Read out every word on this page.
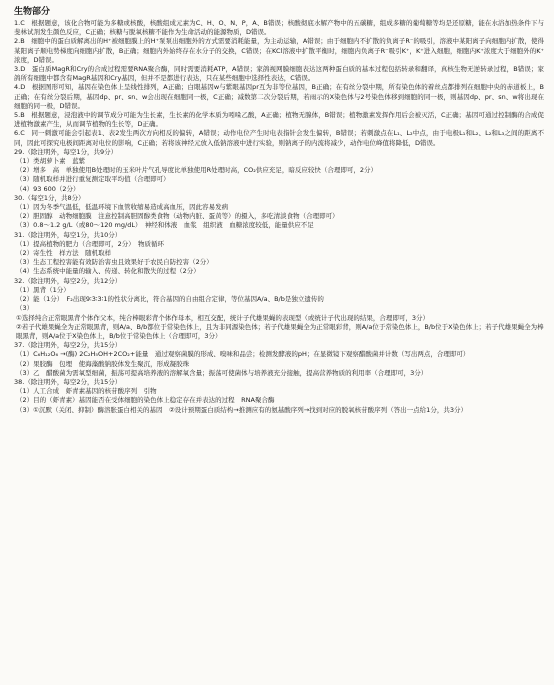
生物部分

1.C　根据题意，该化合物可能为多糖或核酸，核酸组成元素为C、H、O、N、P，A、B错误；核酸彻底水解产物中的五碳糖，组成多糖的葡萄糖等均是还原糖，能在水浴加热条件下与斐林试剂发生颜色反应，C正确；核糖与脱氧核糖不能作为生命活动的能源物质，D错误。

2.B　细胞中的蛋白质解离出的H⁺被细胞膜上的H⁺泵泵出细胞外的方式需要消耗能量，为主动运输，A错误；由于细胞内不扩散的负离子R⁻的吸引，溶液中某阳离子向细胞内扩散，使得某阳离子顺电势梯度向细胞内扩散，B正确；细胞内外始终存在水分子的交换，C错误；在KCl溶液中扩散平衡时，细胞内负离子R⁻吸引K⁺，K⁺进入细胞，细胞内K⁺浓度大于细胞外的K⁺浓度，D错误。

3.D　蛋白质MagR和Cry的合成过程需要RNA聚合酶，同时需要消耗ATP，A错误；家鸽视网膜细胞表达这两种蛋白质的基本过程包括转录和翻译，真核生物无逆转录过程，B错误；家鸽所有细胞中都含有MagR基因和Cry基因，但并不是都进行表达，只在某些细胞中选择性表达，C错误。

4.D　根据图形可知，基因在染色体上呈线性排列，A正确；白眼基因w与紫眼基因pr互为非等位基因，B正确；在有丝分裂中期，所有染色体的着丝点都排列在细胞中央的赤道板上，B正确；在有丝分裂后期，基因dp、pr、sn、w会出现在细胞同一极，C正确；减数第二次分裂后期，若雨示的X染色体与2号染色体移到细胞的同一极，则基因dp、pr、sn、w将出现在细胞的同一极，D错误。

5.B　根据题意，浸泡液中的调节成分可能为生长素，生长素的化学本质为吲哚乙酸，A正确；植物无腺体，B错误；植物激素发挥作用后会被灭活，C正确；基因可通过控制酶的合成促进植物激素产生，从而调节植物的生长等，D正确。

6.C　同一刺激可能会引起表1、表2发生两次方向相反的偏转，A错误；动作电位产生时电表指针会发生偏转，B错误；若刺激点在L₁、L₂中点，由于电极L₁和L₂、L₂和L₃之间的距离不同，因此可探究电极间距离对电位的影响，C正确；若将该神经元放入低钠溶液中进行实验，则钠离子的内流将减少，动作电位峰值将降低，D错误。

29.（除注明外，每空1分，共9分）

（1）类胡萝卜素　蓝紫

（2）增多　高　单独使用B处理时的玉米叶片气孔导度比单独使用R处理时高，CO₂供应充足，暗反应较快（合理即可，2分）

（3）随机取样并进行重复测定取平均值（合理即可）

（4）93 600（2分）

30.（每空1分，共8分）

（1）因为冬季气温低，低温环境下血管收缩易造成高血压，因此容易发病

（2）胆固醇　动物细胞膜　注意控制高胆固醇类食物（动物内脏、蛋黄等）的摄入，多吃清淡食物（合理即可）

（3）0.8～1.2 g/L（或80～120 mg/dL）　神经和体液　血浆　组织液　血糖浓度较低，能量供应不足

31.（除注明外，每空1分，共10分）

（1）提高植物的肥力（合理即可，2分）　物质循环

（2）寄生性　样方法　随机取样

（3）生态工程控害能有效防治害虫且效果好于农民自防控害（2分）

（4）生态系统中能量的输入、传递、转化和散失的过程（2分）

32.（除注明外，每空2分，共12分）

（1）黑背（1分）

（2）能（1分）　F₂出现9∶3∶3∶1的性状分离比，符合基因的自由组合定律，等位基因A/a、B/b是独立遗传的

（3）

①选择纯合正常眼黑背个体作父本，纯合棒眼彩背个体作母本，相互交配，统计子代雄果蝇的表现型（或统计子代出现的结果，合理即可，3分）

②若子代雄果蝇全为正常眼黑背，则A/a、B/b都位于常染色体上，且为非同源染色体；若子代雄果蝇全为正常眼彩背，则A/a位于常染色体上，B/b位于X染色体上；若子代雄果蝇全为棒眼黑背，则A/a位于X染色体上，B/b位于常染色体上（合理即可，3分）

37.（除注明外，每空2分，共15分）

（1）C₆H₁₂O₆ →(酶) 2C₂H₅OH+2CO₂+能量　通过观察菌膜的形成、嗅味和品尝；检测发酵液的pH；在显微镜下观察醋酸菌并计数（写出两点，合理即可）

（2）果胶酶　包埋　使海藻酸钠胶体发生聚沉，形成凝胶珠

（3）乙　醋酸菌为需氧型细菌，振荡可提高培养液的溶解氧含量；振荡可使菌体与培养液充分接触，提高营养物质的利用率（合理即可，3分）

38.（除注明外，每空2分，共15分）

（1）人工合成　虾青素基因的核苷酸序列　引物

（2）目的（虾青素）基因能否在受体细胞的染色体上稳定存在并表达的过程　RNA聚合酶

（3）①沉默（关闭、抑制）酶溶胀蛋白相关的基因　②设计预期蛋白质结构→推测应有的氨基酸序列→找到对应的脱氧核苷酸序列（答出一点给1分，共3分）
